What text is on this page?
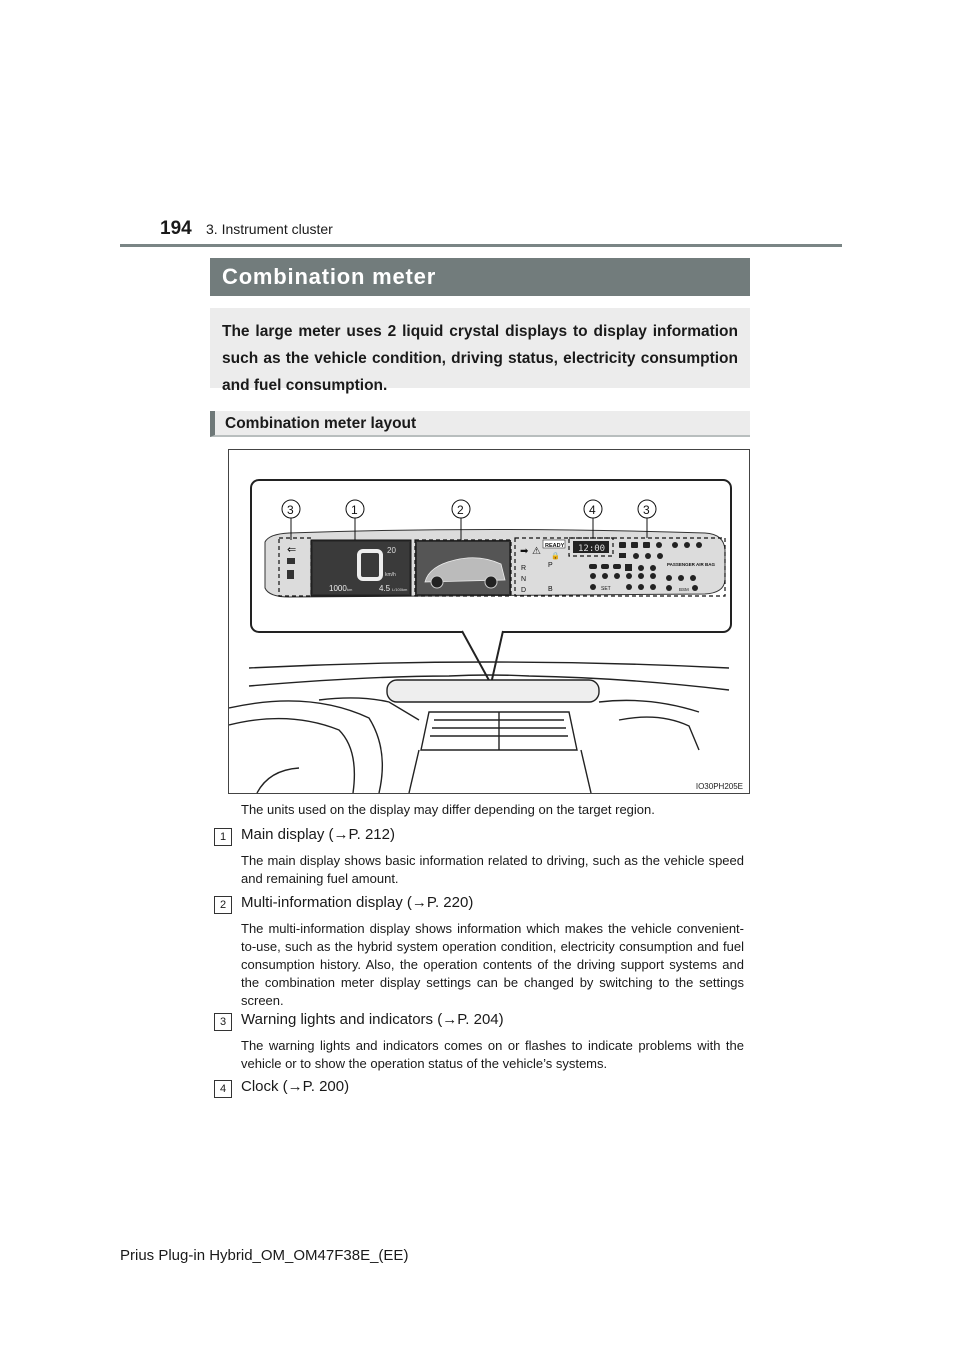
194 3. Instrument cluster
Combination meter
The large meter uses 2 liquid crystal displays to display information such as the vehicle condition, driving status, electricity consumption and fuel consumption.
Combination meter layout
⇐	20
0	km/h
1000 km	4.5 L/100km
12:00
READY
➡ ⚠ 🔒
R
N
D
P
B
PASSENGER AIR BAG
SET	BSM
3	1	2	4	3
IO30PH205E
The units used on the display may differ depending on the target region.
1 Main display (→P. 212)
The main display shows basic information related to driving, such as the vehicle speed and remaining fuel amount.
2 Multi-information display (→P. 220)
The multi-information display shows information which makes the vehicle convenient-to-use, such as the hybrid system operation condition, electricity consumption and fuel consumption history. Also, the operation contents of the driving support systems and the combination meter display settings can be changed by switching to the settings screen.
3 Warning lights and indicators (→P. 204)
The warning lights and indicators comes on or flashes to indicate problems with the vehicle or to show the operation status of the vehicle’s systems.
4 Clock (→P. 200)
Prius Plug-in Hybrid_OM_OM47F38E_(EE)
